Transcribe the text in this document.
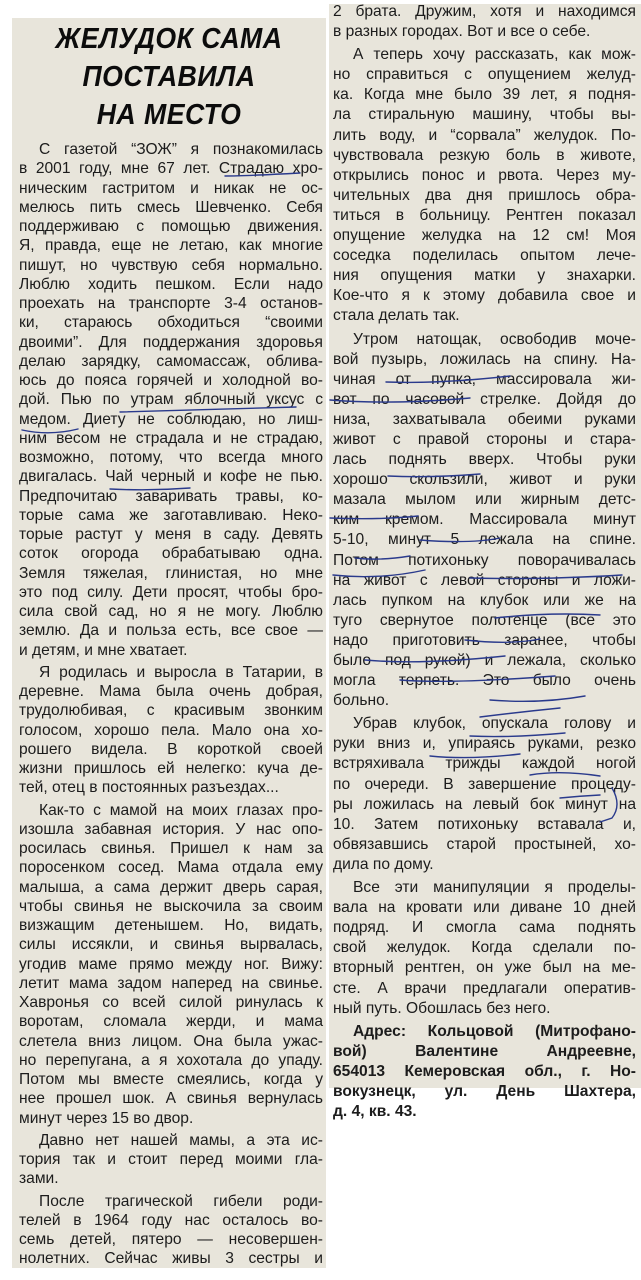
ЖЕЛУДОК САМА
ПОСТАВИЛА
НА МЕСТО
С газетой “ЗОЖ” я познакомилась
в 2001 году, мне 67 лет. Страдаю хро-
ническим гастритом и никак не ос-
мелюсь пить смесь Шевченко. Себя
поддерживаю с помощью движения.
Я, правда, еще не летаю, как многие
пишут, но чувствую себя нормально.
Люблю ходить пешком. Если надо
проехать на транспорте 3-4 останов-
ки, стараюсь обходиться “своими
двоими”. Для поддержания здоровья
делаю зарядку, самомассаж, облива-
юсь до пояса горячей и холодной во-
дой. Пью по утрам яблочный уксус с
медом. Диету не соблюдаю, но лиш-
ним весом не страдала и не страдаю,
возможно, потому, что всегда много
двигалась. Чай черный и кофе не пью.
Предпочитаю заваривать травы, ко-
торые сама же заготавливаю. Неко-
торые растут у меня в саду. Девять
соток огорода обрабатываю одна.
Земля тяжелая, глинистая, но мне
это под силу. Дети просят, чтобы бро-
сила свой сад, но я не могу. Люблю
землю. Да и польза есть, все свое —
и детям, и мне хватает.
Я родилась и выросла в Татарии, в
деревне. Мама была очень добрая,
трудолюбивая, с красивым звонким
голосом, хорошо пела. Мало она хо-
рошего видела. В короткой своей
жизни пришлось ей нелегко: куча де-
тей, отец в постоянных разъездах...
Как-то с мамой на моих глазах про-
изошла забавная история. У нас опо-
росилась свинья. Пришел к нам за
поросенком сосед. Мама отдала ему
малыша, а сама держит дверь сарая,
чтобы свинья не выскочила за своим
визжащим детенышем. Но, видать,
силы иссякли, и свинья вырвалась,
угодив маме прямо между ног. Вижу:
летит мама задом наперед на свинье.
Хавронья со всей силой ринулась к
воротам, сломала жерди, и мама
слетела вниз лицом. Она была ужас-
но перепугана, а я хохотала до упаду.
Потом мы вместе смеялись, когда у
нее прошел шок. А свинья вернулась
минут через 15 во двор.
Давно нет нашей мамы, а эта ис-
тория так и стоит перед моими гла-
зами.
После трагической гибели роди-
телей в 1964 году нас осталось во-
семь детей, пятеро — несовершен-
нолетних. Сейчас живы 3 сестры и
2 брата. Дружим, хотя и находимся
в разных городах. Вот и все о себе.
А теперь хочу рассказать, как мож-
но справиться с опущением желуд-
ка. Когда мне было 39 лет, я подня-
ла стиральную машину, чтобы вы-
лить воду, и “сорвала” желудок. По-
чувствовала резкую боль в животе,
открылись понос и рвота. Через му-
чительных два дня пришлось обра-
титься в больницу. Рентген показал
опущение желудка на 12 см! Моя
соседка поделилась опытом лече-
ния опущения матки у знахарки.
Кое-что я к этому добавила свое и
стала делать так.
Утром натощак, освободив моче-
вой пузырь, ложилась на спину. На-
чиная от пупка, массировала жи-
вот по часовой стрелке. Дойдя до
низа, захватывала обеими руками
живот с правой стороны и стара-
лась поднять вверх. Чтобы руки
хорошо скользили, живот и руки
мазала мылом или жирным детс-
ким кремом. Массировала минут
5-10, минут 5 лежала на спине.
Потом потихоньку поворачивалась
на живот с левой стороны и ложи-
лась пупком на клубок или же на
туго свернутое полотенце (все это
надо приготовить заранее, чтобы
было под рукой) и лежала, сколько
могла терпеть. Это было очень
больно.
Убрав клубок, опускала голову и
руки вниз и, упираясь руками, резко
встряхивала трижды каждой ногой
по очереди. В завершение процеду-
ры ложилась на левый бок минут на
10. Затем потихоньку вставала и,
обвязавшись старой простыней, хо-
дила по дому.
Все эти манипуляции я проделы-
вала на кровати или диване 10 дней
подряд. И смогла сама поднять
свой желудок. Когда сделали по-
вторный рентген, он уже был на ме-
сте. А врачи предлагали оператив-
ный путь. Обошлась без него.
Адрес: Кольцовой (Митрофано-
вой) Валентине Андреевне,
654013 Кемеровская обл., г. Но-
вокузнецк, ул. День Шахтера,
д. 4, кв. 43.
